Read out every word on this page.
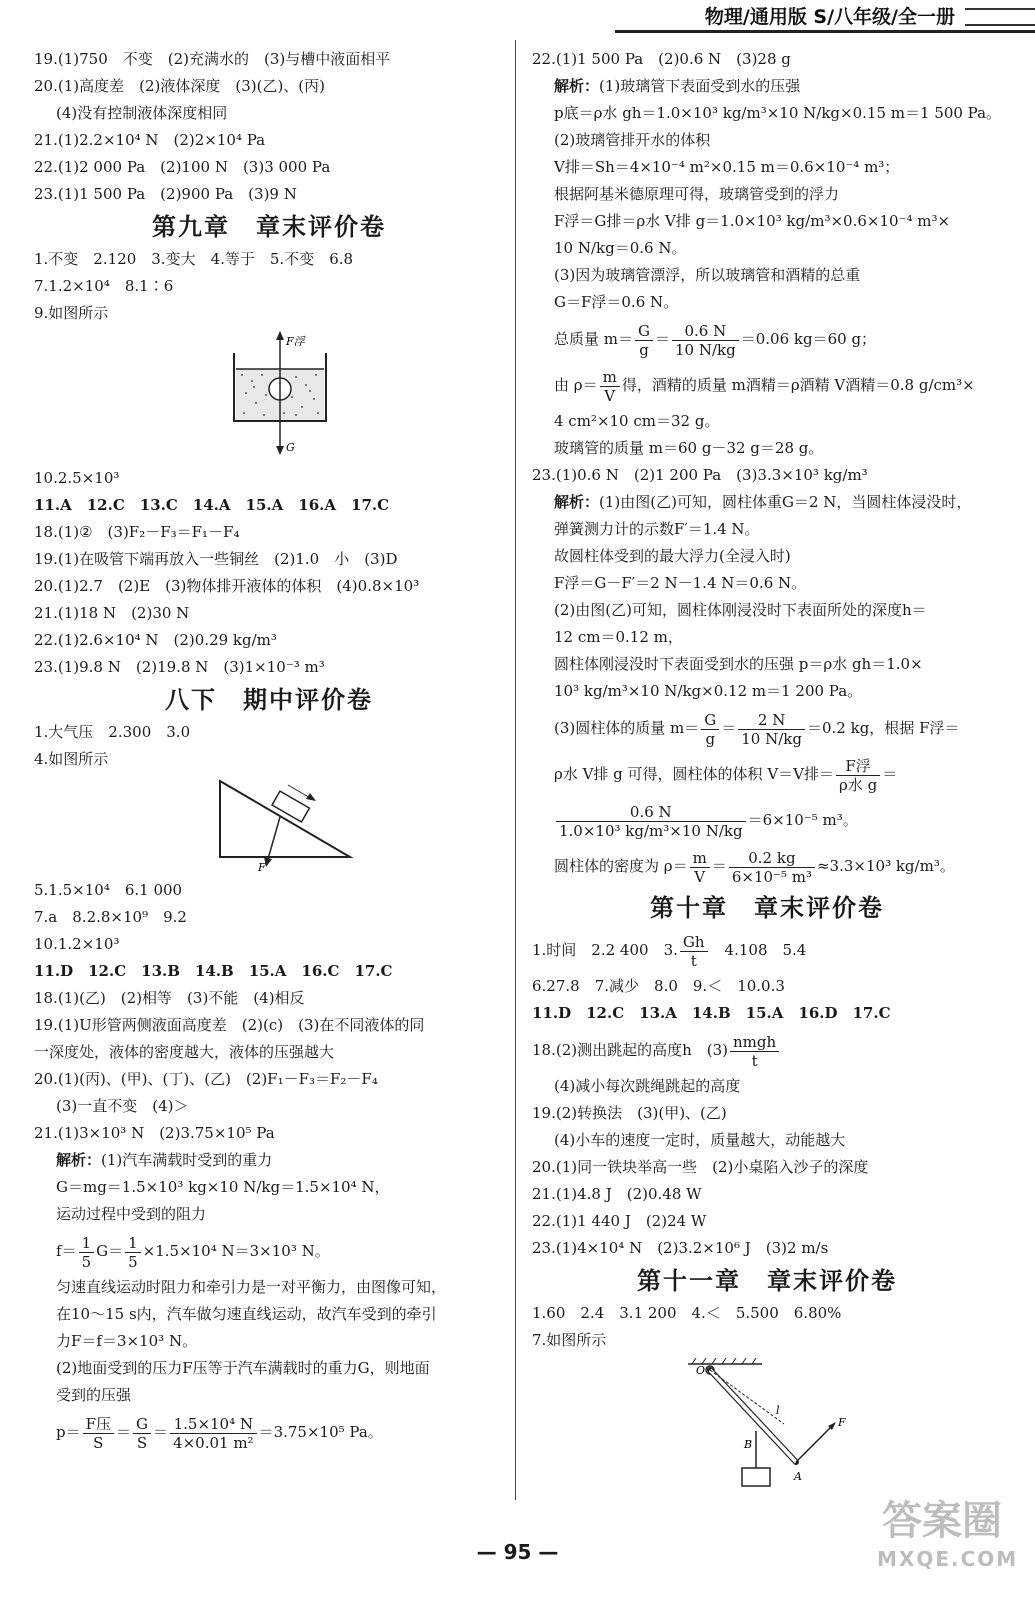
物理/通用版 S/八年级/全一册
19.(1)750　不变　(2)充满水的　(3)与槽中液面相平
20.(1)高度差　(2)液体深度　(3)(乙)、(丙)
(4)没有控制液体深度相同
21.(1)2.2×10⁴ N　(2)2×10⁴ Pa
22.(1)2 000 Pa　(2)100 N　(3)3 000 Pa
23.(1)1 500 Pa　(2)900 Pa　(3)9 N
第九章　章末评价卷
1.不变　2.120　3.变大　4.等于　5.不变　6.8
7.1.2×10⁴　8.1∶6
9.如图所示
F浮
G
10.2.5×10³
11.A　12.C　13.C　14.A　15.A　16.A　17.C
18.(1)②　(3)F₂－F₃＝F₁－F₄
19.(1)在吸管下端再放入一些铜丝　(2)1.0　小　(3)D
20.(1)2.7　(2)E　(3)物体排开液体的体积　(4)0.8×10³
21.(1)18 N　(2)30 N
22.(1)2.6×10⁴ N　(2)0.29 kg/m³
23.(1)9.8 N　(2)19.8 N　(3)1×10⁻³ m³
八下　期中评价卷
1.大气压　2.300　3.0
4.如图所示
F
5.1.5×10⁴　6.1 000
7.a　8.2.8×10⁹　9.2
10.1.2×10³
11.D　12.C　13.B　14.B　15.A　16.C　17.C
18.(1)(乙)　(2)相等　(3)不能　(4)相反
19.(1)U形管两侧液面高度差　(2)(c)　(3)在不同液体的同
一深度处，液体的密度越大，液体的压强越大
20.(1)(丙)、(甲)、(丁)、(乙)　(2)F₁－F₃＝F₂－F₄
(3)一直不变　(4)＞
21.(1)3×10³ N　(2)3.75×10⁵ Pa
解析：(1)汽车满载时受到的重力
G＝mg＝1.5×10³ kg×10 N/kg＝1.5×10⁴ N，
运动过程中受到的阻力
$f= \frac{1}{5} G= \frac{1}{5} \times 1.5\times 10^4$ N＝3×10³ N。
匀速直线运动时阻力和牵引力是一对平衡力，由图像可知，
在10～15 s内，汽车做匀速直线运动，故汽车受到的牵引
力F＝f＝3×10³ N。
(2)地面受到的压力F压等于汽车满载时的重力G，则地面
受到的压强
$p= \frac{\text{F压}}{S} = \frac{G}{S} = \frac{\text{1.5×10⁴ N}}{\text{4×0.01 m²}} =3.75\times 10^5$ Pa。
22.(1)1 500 Pa　(2)0.6 N　(3)28 g
解析：(1)玻璃管下表面受到水的压强
p底＝ρ水 gh＝1.0×10³ kg/m³×10 N/kg×0.15 m＝1 500 Pa。
(2)玻璃管排开水的体积
V排＝Sh＝4×10⁻⁴ m²×0.15 m＝0.6×10⁻⁴ m³；
根据阿基米德原理可得，玻璃管受到的浮力
F浮＝G排＝ρ水 V排 g＝1.0×10³ kg/m³×0.6×10⁻⁴ m³×
10 N/kg＝0.6 N。
(3)因为玻璃管漂浮，所以玻璃管和酒精的总重
G＝F浮＝0.6 N。
总质量 $m= \frac{G}{g} = \frac{0.6 N}{10 N/kg} =0.06$ kg＝60 g；
由 $\rho= \frac{m}{V}$ 得，酒精的质量 m酒精＝ρ酒精 V酒精＝0.8 g/cm³×
4 cm²×10 cm＝32 g。
玻璃管的质量 m＝60 g－32 g＝28 g。
23.(1)0.6 N　(2)1 200 Pa　(3)3.3×10³ kg/m³
解析：(1)由图(乙)可知，圆柱体重G＝2 N，当圆柱体浸没时，
弹簧测力计的示数F′＝1.4 N。
故圆柱体受到的最大浮力(全浸入时)
F浮＝G－F′＝2 N－1.4 N＝0.6 N。
(2)由图(乙)可知，圆柱体刚浸没时下表面所处的深度h＝
12 cm＝0.12 m，
圆柱体刚浸没时下表面受到水的压强 p＝ρ水 gh＝1.0×
10³ kg/m³×10 N/kg×0.12 m＝1 200 Pa。
(3)圆柱体的质量 $m= \frac{G}{g} = \frac{2 N}{10 N/kg} =0.2$ kg，根据 F浮＝
ρ水 V排 g 可得，圆柱体的体积 V＝V排＝ $\frac{\text{F浮}}{\text{ρ水 g}}$ ＝
$\frac{0.6 N}{\text{1.0×10³ kg/m³×10 N/kg}} =6\times 10^{-5}$ m³。
圆柱体的密度为 $\rho= \frac{m}{V} = \frac{0.2 kg}{\text{6×10⁻⁵ m³}} \approx 3.3\times 10^3$ kg/m³。
第十章　章末评价卷
1.时间　2.2 400　3. $\frac{Gh}{t}$ 　4.108　5.4
6.27.8　7.减少　8.0　9.＜　10.0.3
11.D　12.C　13.A　14.B　15.A　16.D　17.C
18.(2)测出跳起的高度h　$(3) \frac{\text{nmgh}}{t}$
(4)减小每次跳绳跳起的高度
19.(2)转换法　(3)(甲)、(乙)
(4)小车的速度一定时，质量越大，动能越大
20.(1)同一铁块举高一些　(2)小桌陷入沙子的深度
21.(1)4.8 J　(2)0.48 W
22.(1)1 440 J　(2)24 W
23.(1)4×10⁴ N　(2)3.2×10⁶ J　(3)2 m/s
第十一章　章末评价卷
1.60　2.4　3.1 200　4.＜　5.500　6.80%
7.如图所示
O
l
B
A
F
— 95 —
答案圈
MXQE.COM
